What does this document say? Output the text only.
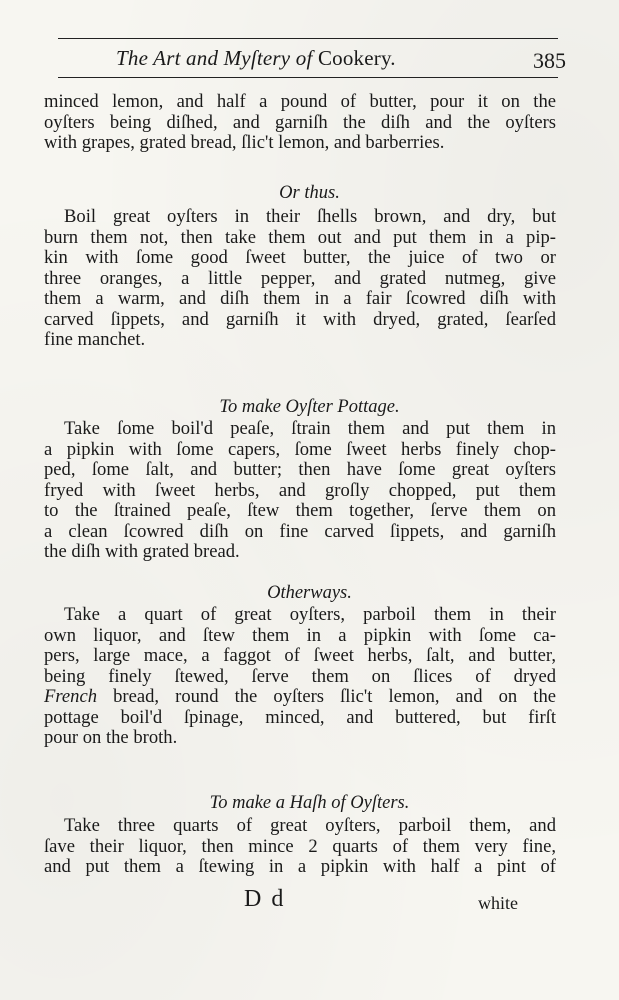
The Art and Myſtery of Cookery.	385
minced lemon, and half a pound of butter, pour it on the
oyſters being diſhed, and garniſh the diſh and the oyſters
with grapes, grated bread, ſlic't lemon, and barberries.
Or thus.
Boil great oyſters in their ſhells brown, and dry, but
burn them not, then take them out and put them in a pip-
kin with ſome good ſweet butter, the juice of two or
three oranges, a little pepper, and grated nutmeg, give
them a warm, and diſh them in a fair ſcowred diſh with
carved ſippets, and garniſh it with dryed, grated, ſearſed
fine manchet.
To make Oyſter Pottage.
Take ſome boil'd peaſe, ſtrain them and put them in
a pipkin with ſome capers, ſome ſweet herbs finely chop-
ped, ſome ſalt, and butter; then have ſome great oyſters
fryed with ſweet herbs, and groſly chopped, put them
to the ſtrained peaſe, ſtew them together, ſerve them on
a clean ſcowred diſh on fine carved ſippets, and garniſh
the diſh with grated bread.
Otherways.
Take a quart of great oyſters, parboil them in their
own liquor, and ſtew them in a pipkin with ſome ca-
pers, large mace, a faggot of ſweet herbs, ſalt, and butter,
being finely ſtewed, ſerve them on ſlices of dryed
French bread, round the oyſters ſlic't lemon, and on the
pottage boil'd ſpinage, minced, and buttered, but firſt
pour on the broth.
To make a Haſh of Oyſters.
Take three quarts of great oyſters, parboil them, and
ſave their liquor, then mince 2 quarts of them very fine,
and put them a ſtewing in a pipkin with half a pint of
D d	white
